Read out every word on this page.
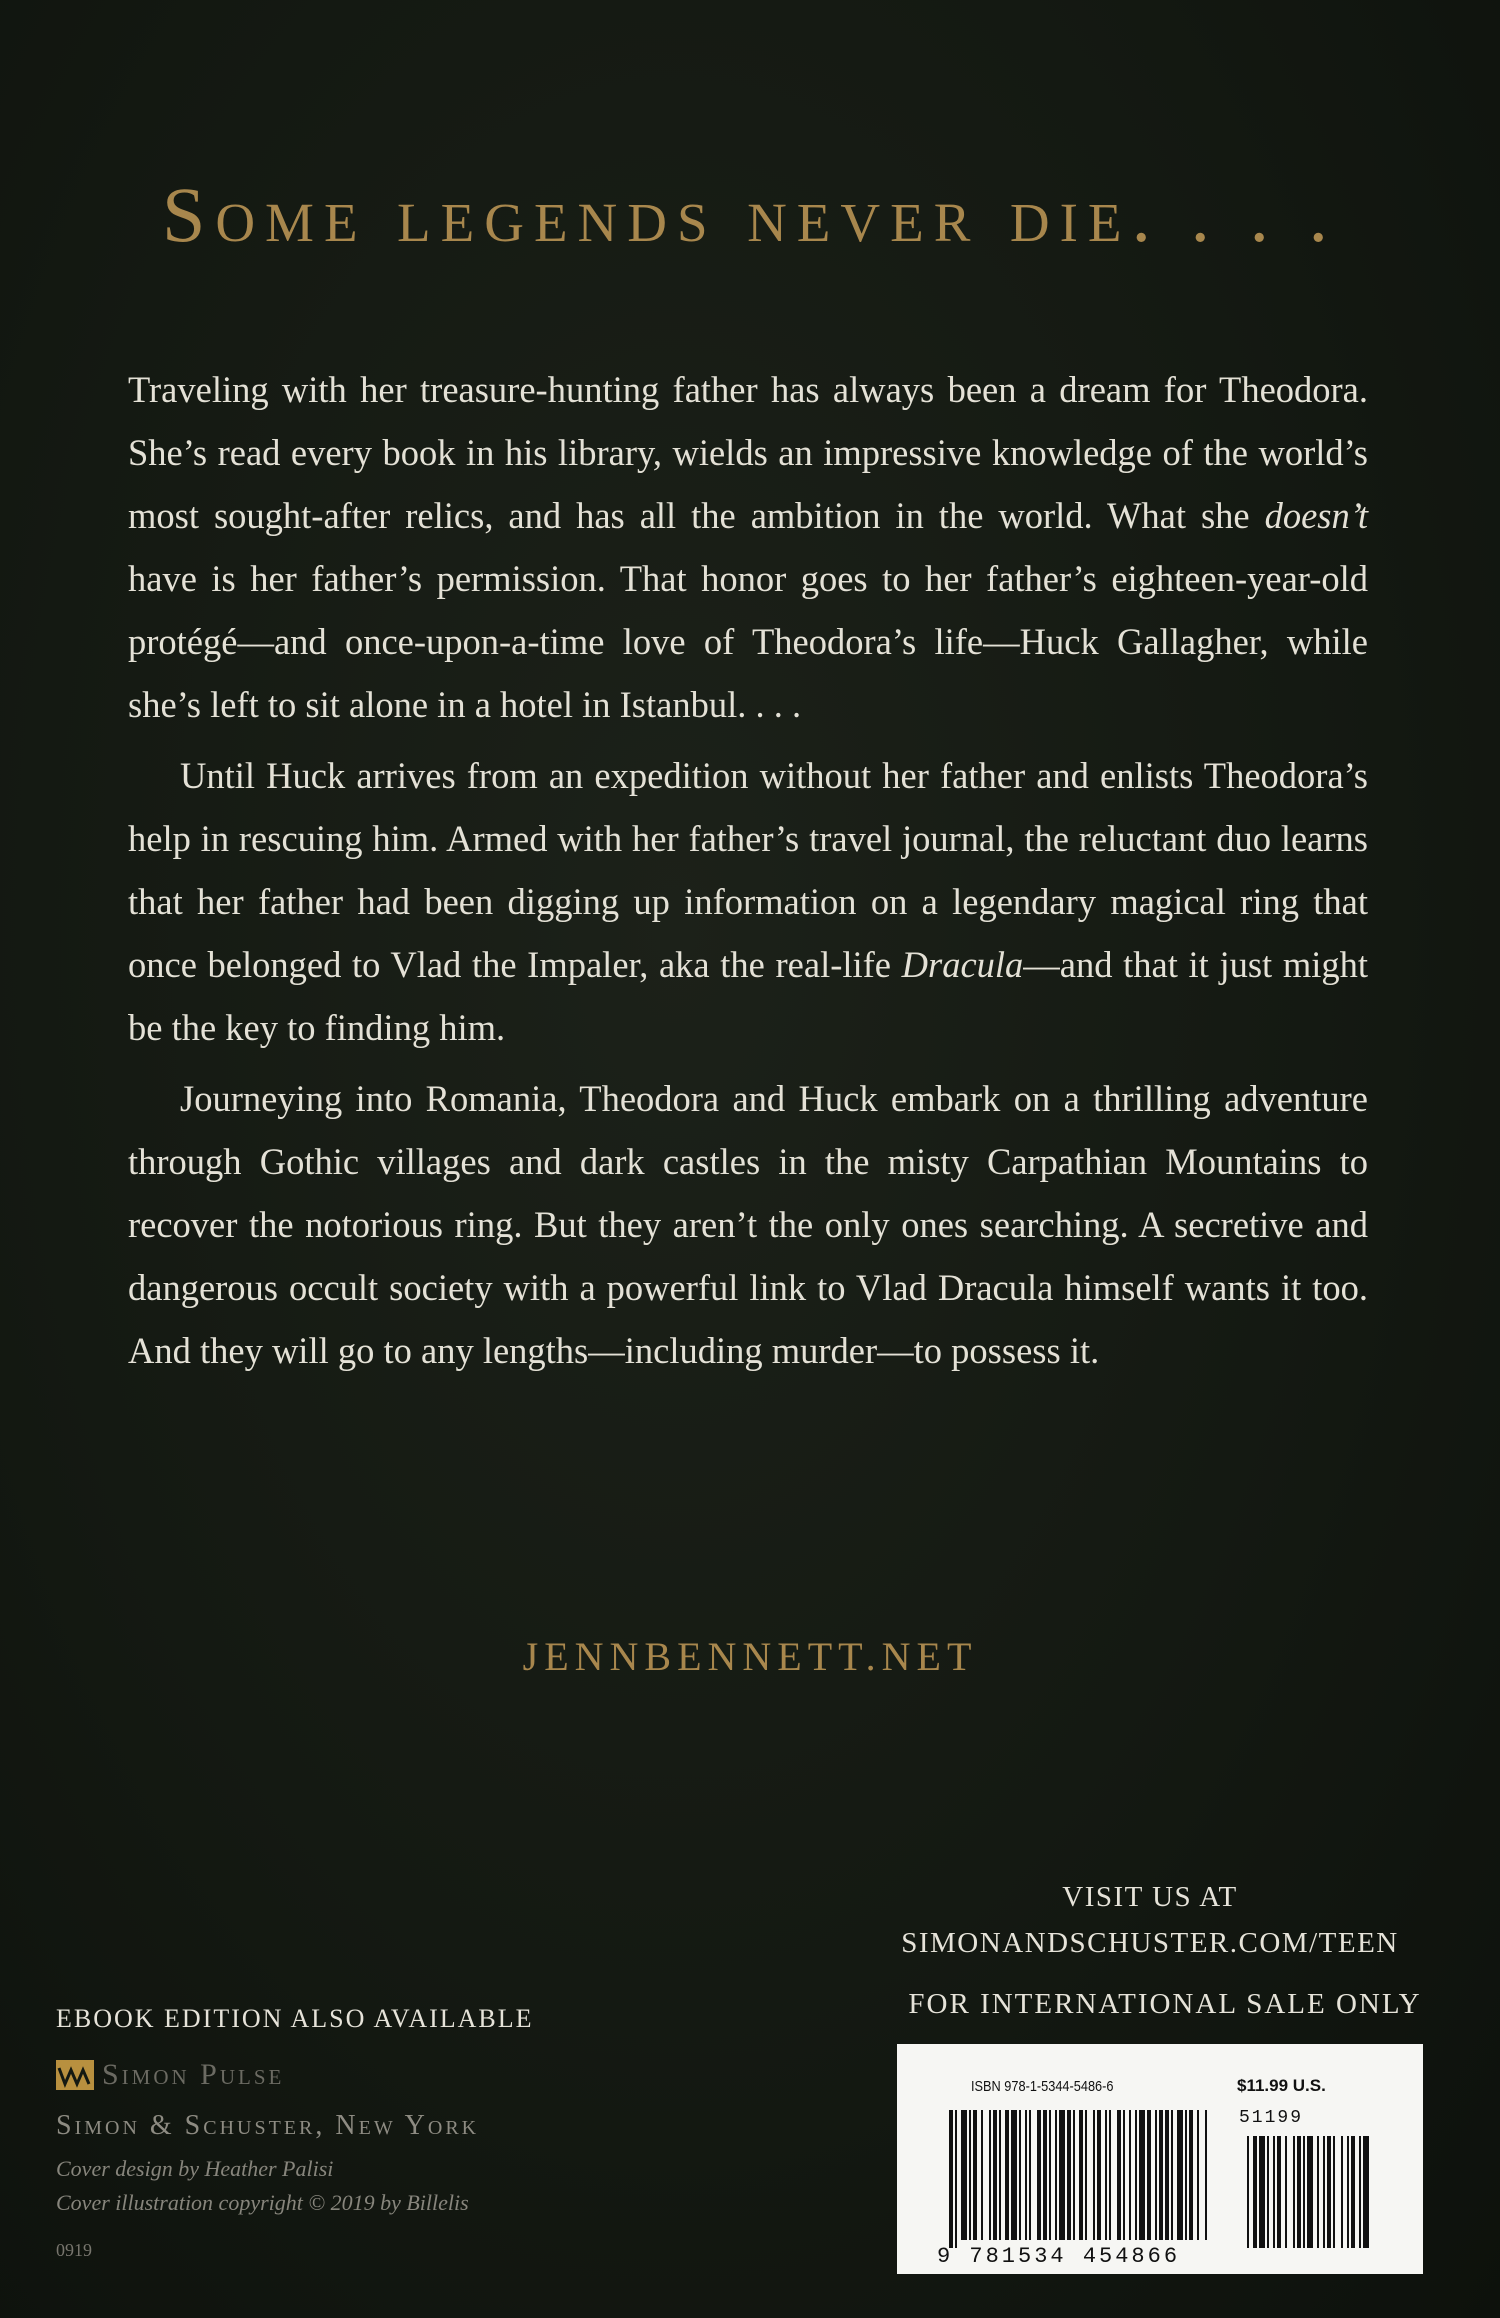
Some legends never die. . . .

Traveling with her treasure-hunting father has always been a dream for Theodora. She’s read every book in his library, wields an impressive knowledge of the world’s most sought-after relics, and has all the ambition in the world. What she doesn’t have is her father’s permission. That honor goes to her father’s eighteen-year-old protégé—and once-upon-a-time love of Theodora’s life—Huck Gallagher, while she’s left to sit alone in a hotel in Istanbul. . . .

Until Huck arrives from an expedition without her father and enlists Theodora’s help in rescuing him. Armed with her father’s travel journal, the reluctant duo learns that her father had been digging up information on a legendary magical ring that once belonged to Vlad the Impaler, aka the real-life Dracula—and that it just might be the key to finding him.

Journeying into Romania, Theodora and Huck embark on a thrilling adventure through Gothic villages and dark castles in the misty Carpathian Mountains to recover the notorious ring. But they aren’t the only ones searching. A secretive and dangerous occult society with a powerful link to Vlad Dracula himself wants it too. And they will go to any lengths—including murder—to possess it.

JENNBENNETT.NET
VISIT US AT
SIMONANDSCHUSTER.COM/TEEN
FOR INTERNATIONAL SALE ONLY
EBOOK EDITION ALSO AVAILABLE
Simon Pulse
Simon & Schuster, New York
Cover design by Heather Palisi
Cover illustration copyright © 2019 by Billelis
0919
ISBN 978-1-5344-5486-6	$11.99 U.S.
51199
9 781534 454866
